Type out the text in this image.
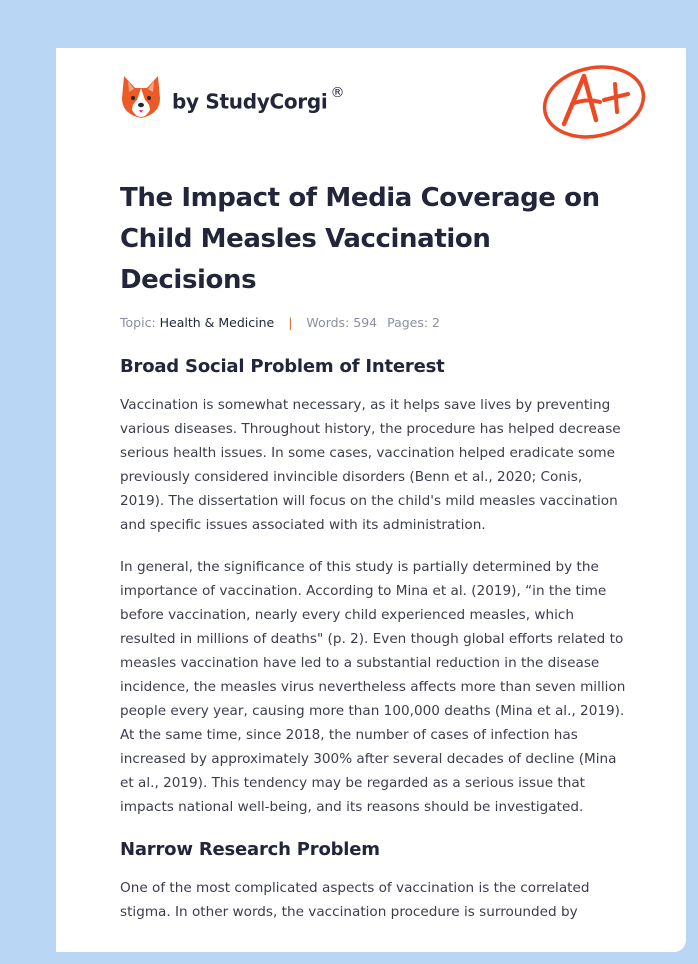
by StudyCorgi ®
The Impact of Media Coverage on Child Measles Vaccination Decisions
Topic: Health & Medicine | Words: 594 Pages: 2
Broad Social Problem of Interest

Vaccination is somewhat necessary, as it helps save lives by preventing various diseases. Throughout history, the procedure has helped decrease serious health issues. In some cases, vaccination helped eradicate some previously considered invincible disorders (Benn et al., 2020; Conis, 2019). The dissertation will focus on the child's mild measles vaccination and specific issues associated with its administration.

In general, the significance of this study is partially determined by the importance of vaccination. According to Mina et al. (2019), “in the time before vaccination, nearly every child experienced measles, which resulted in millions of deaths" (p. 2). Even though global efforts related to measles vaccination have led to a substantial reduction in the disease incidence, the measles virus nevertheless affects more than seven million people every year, causing more than 100,000 deaths (Mina et al., 2019). At the same time, since 2018, the number of cases of infection has increased by approximately 300% after several decades of decline (Mina et al., 2019). This tendency may be regarded as a serious issue that impacts national well-being, and its reasons should be investigated.

Narrow Research Problem

One of the most complicated aspects of vaccination is the correlated stigma. In other words, the vaccination procedure is surrounded by
